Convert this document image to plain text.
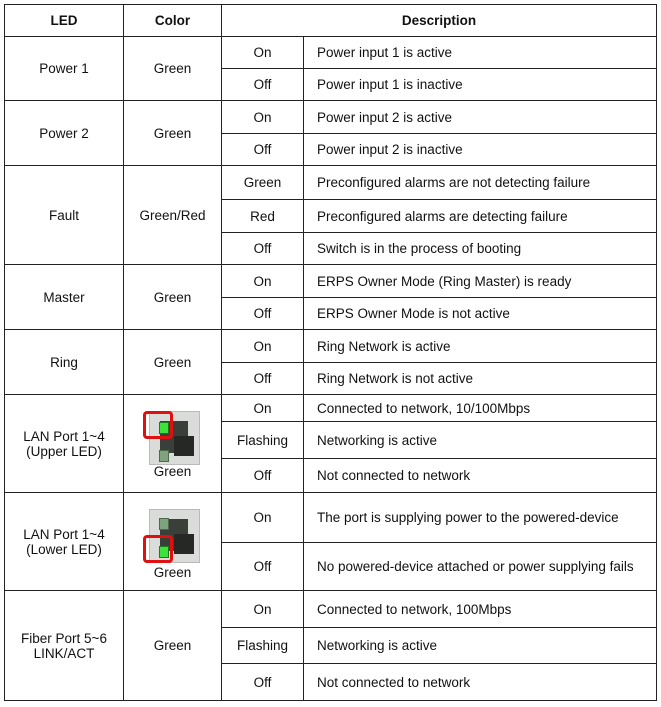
LED	Color	Description	
Power 1	Green	On	Power input 1 is active
		Off	Power input 1 is inactive
Power 2	Green	On	Power input 2 is active
		Off	Power input 2 is inactive
Fault	Green/Red	Green	Preconfigured alarms are not detecting failure
		Red	Preconfigured alarms are detecting failure
		Off	Switch is in the process of booting
Master	Green	On	ERPS Owner Mode (Ring Master) is ready
		Off	ERPS Owner Mode is not active
Ring	Green	On	Ring Network is active
		Off	Ring Network is not active

LAN Port 1~4
(Upper LED)	Green	On	Connected to network, 10/100Mbps
		Flashing	Networking is active
		Off	Not connected to network

LAN Port 1~4
(Lower LED)	Green	On	The port is supplying power to the powered-device
		Off	No powered-device attached or power supplying fails

Fiber Port 5~6
LINK/ACT	Green	On	Connected to network, 100Mbps
		Flashing	Networking is active
		Off	Not connected to network
